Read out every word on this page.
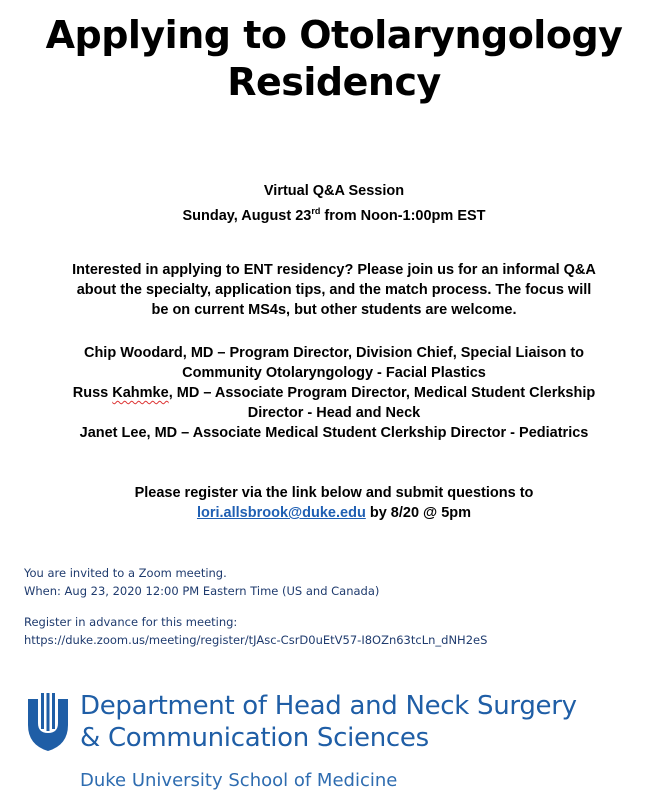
Applying to Otolaryngology
Residency
Virtual Q&A Session
Sunday, August 23rd from Noon-1:00pm EST
Interested in applying to ENT residency? Please join us for an informal Q&A
about the specialty, application tips, and the match process. The focus will
be on current MS4s, but other students are welcome.
Chip Woodard, MD – Program Director, Division Chief, Special Liaison to
Community Otolaryngology - Facial Plastics
Russ Kahmke, MD – Associate Program Director, Medical Student Clerkship
Director - Head and Neck
Janet Lee, MD – Associate Medical Student Clerkship Director - Pediatrics
Please register via the link below and submit questions to
lori.allsbrook@duke.edu by 8/20 @ 5pm
You are invited to a Zoom meeting.
When: Aug 23, 2020 12:00 PM Eastern Time (US and Canada)
Register in advance for this meeting:
https://duke.zoom.us/meeting/register/tJAsc-CsrD0uEtV57-I8OZn63tcLn_dNH2eS
Department of Head and Neck Surgery
& Communication Sciences
Duke University School of Medicine
